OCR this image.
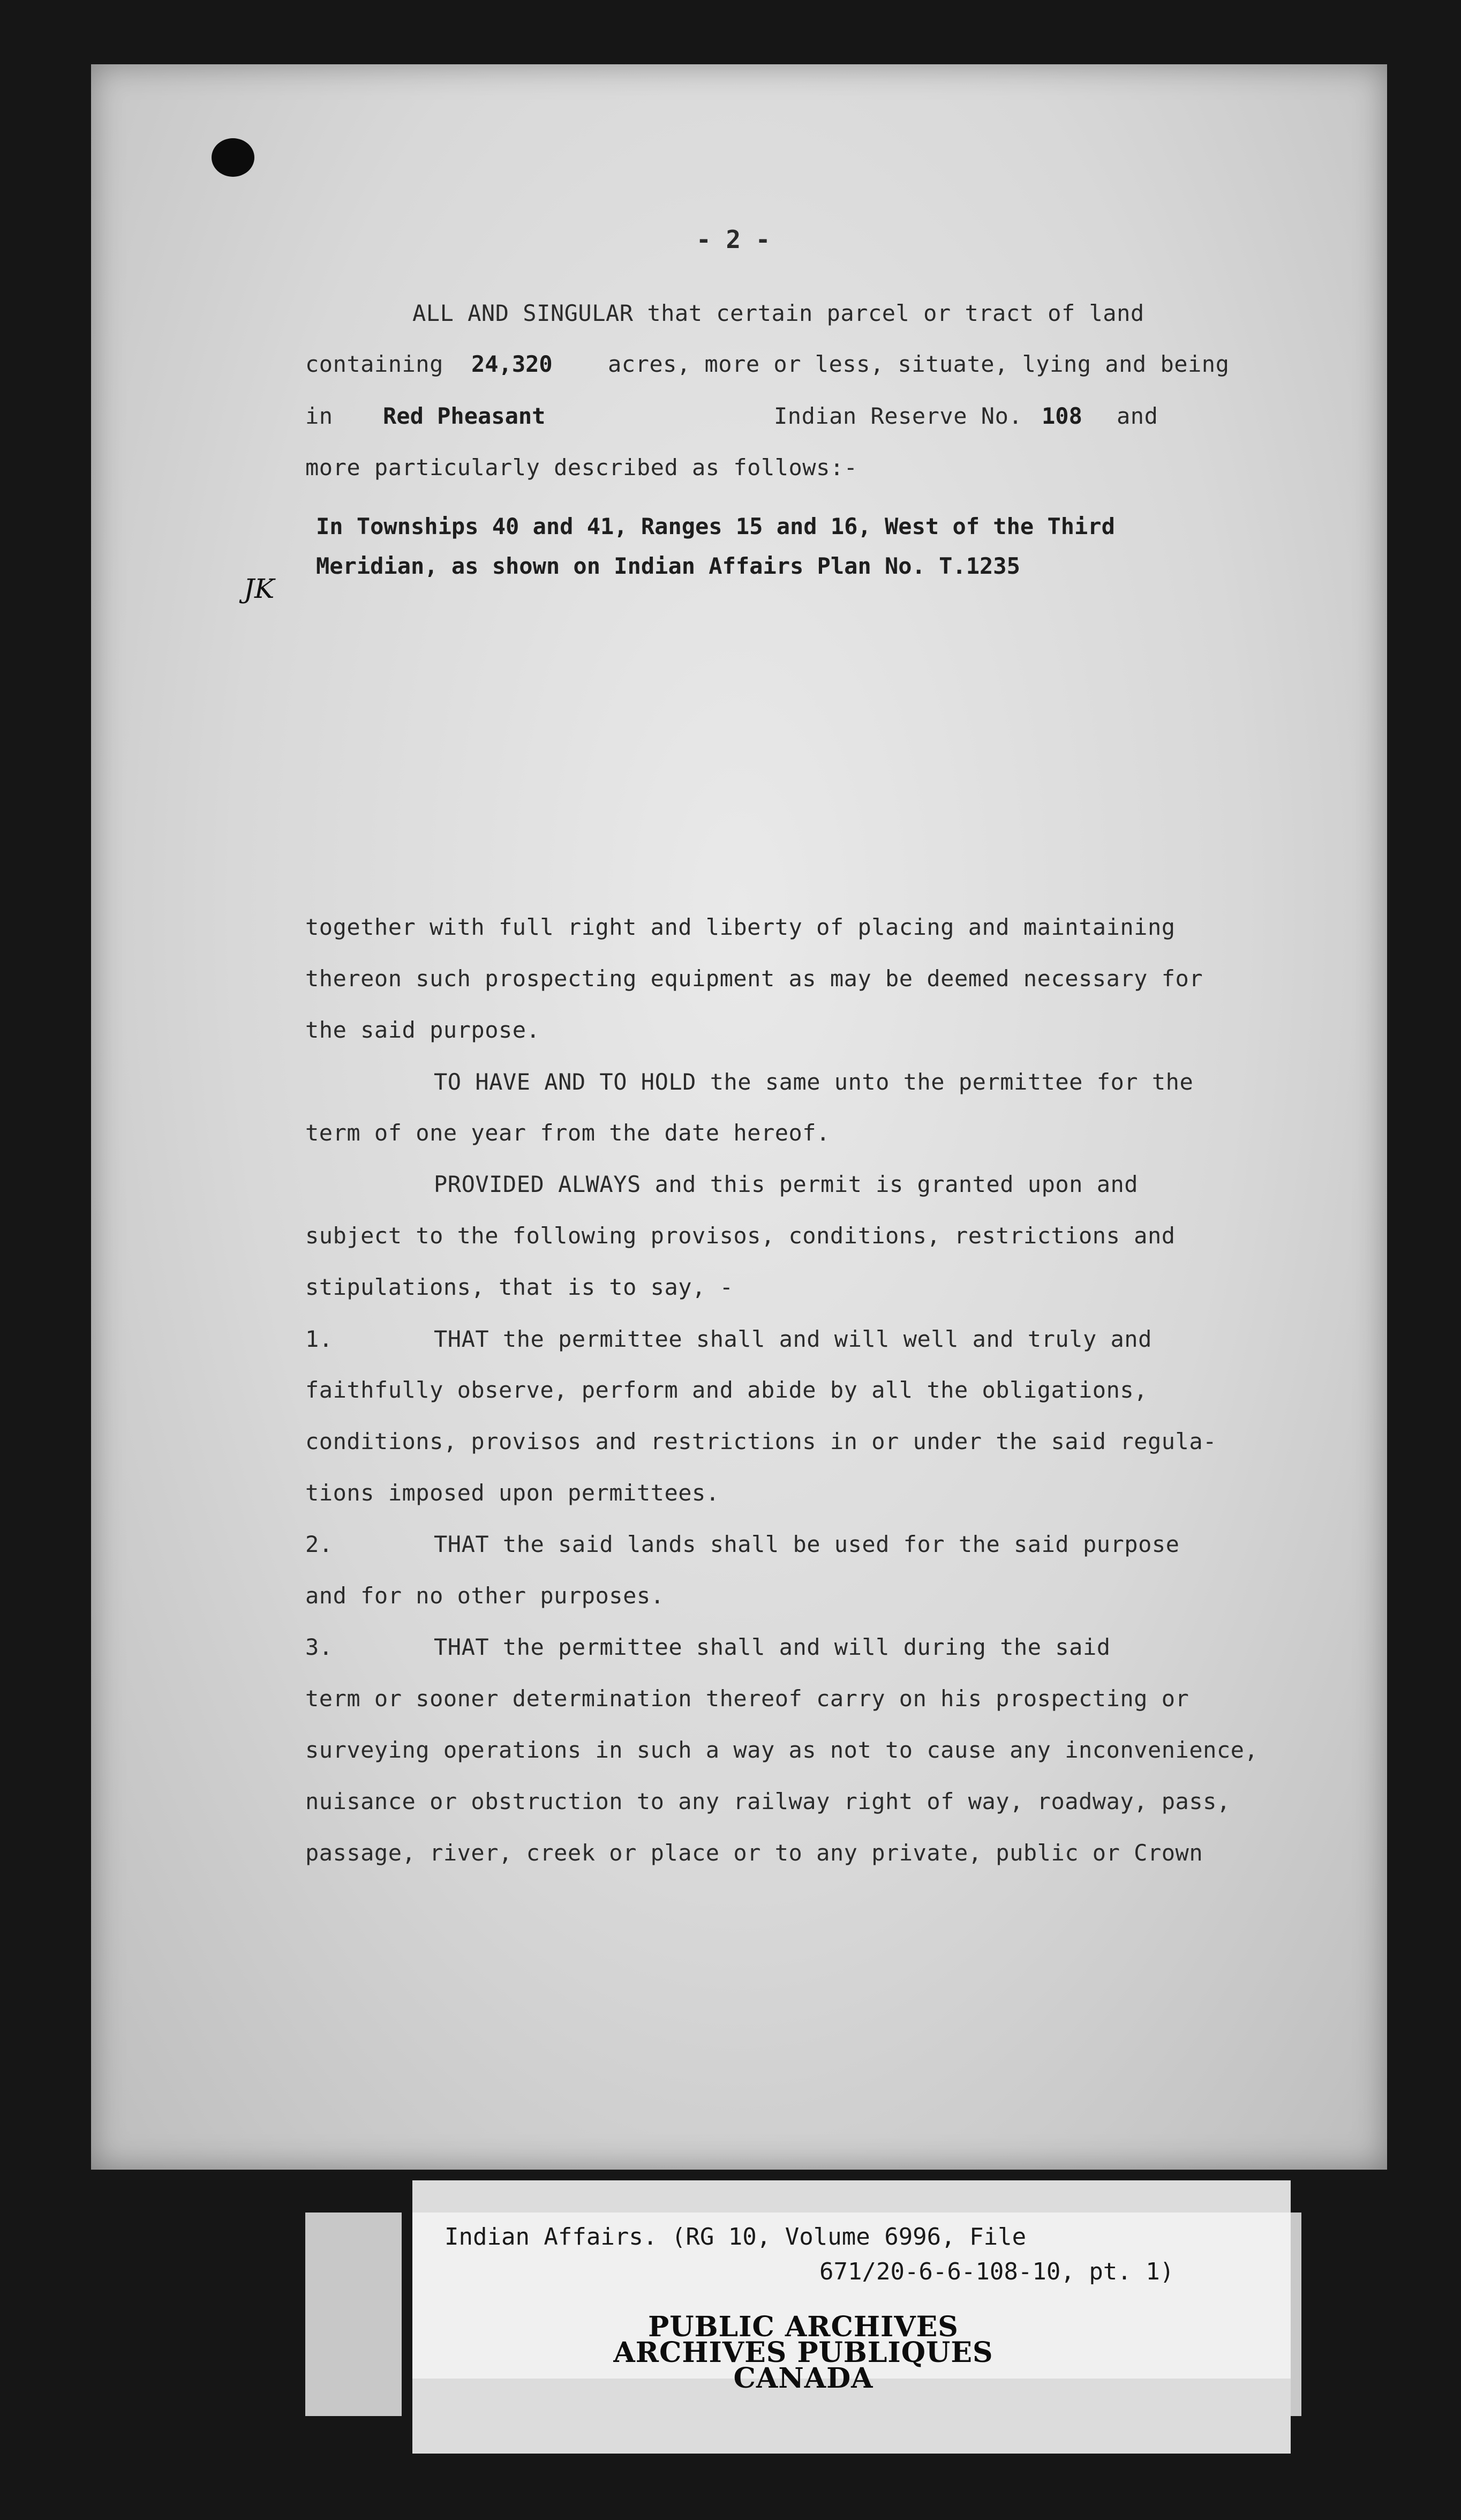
- 2 -
ALL AND SINGULAR that certain parcel or tract of land
containing 24,320 acres, more or less, situate, lying and being
in Red Pheasant	Indian Reserve No. 108 and
more particularly described as follows:-
In Townships 40 and 41, Ranges 15 and 16, West of the Third
Meridian, as shown on Indian Affairs Plan No. T.1235
JK
together with full right and liberty of placing and maintaining
thereon such prospecting equipment as may be deemed necessary for
the said purpose.
TO HAVE AND TO HOLD the same unto the permittee for the
term of one year from the date hereof.
PROVIDED ALWAYS and this permit is granted upon and
subject to the following provisos, conditions, restrictions and
stipulations, that is to say, -
1.	THAT the permittee shall and will well and truly and
faithfully observe, perform and abide by all the obligations,
conditions, provisos and restrictions in or under the said regula-
tions imposed upon permittees.
2.	THAT the said lands shall be used for the said purpose
and for no other purposes.
3.	THAT the permittee shall and will during the said
term or sooner determination thereof carry on his prospecting or
surveying operations in such a way as not to cause any inconvenience,
nuisance or obstruction to any railway right of way, roadway, pass,
passage, river, creek or place or to any private, public or Crown
Indian Affairs. (RG 10, Volume 6996, File
671/20-6-6-108-10, pt. 1)
PUBLIC ARCHIVES
ARCHIVES PUBLIQUES
CANADA
